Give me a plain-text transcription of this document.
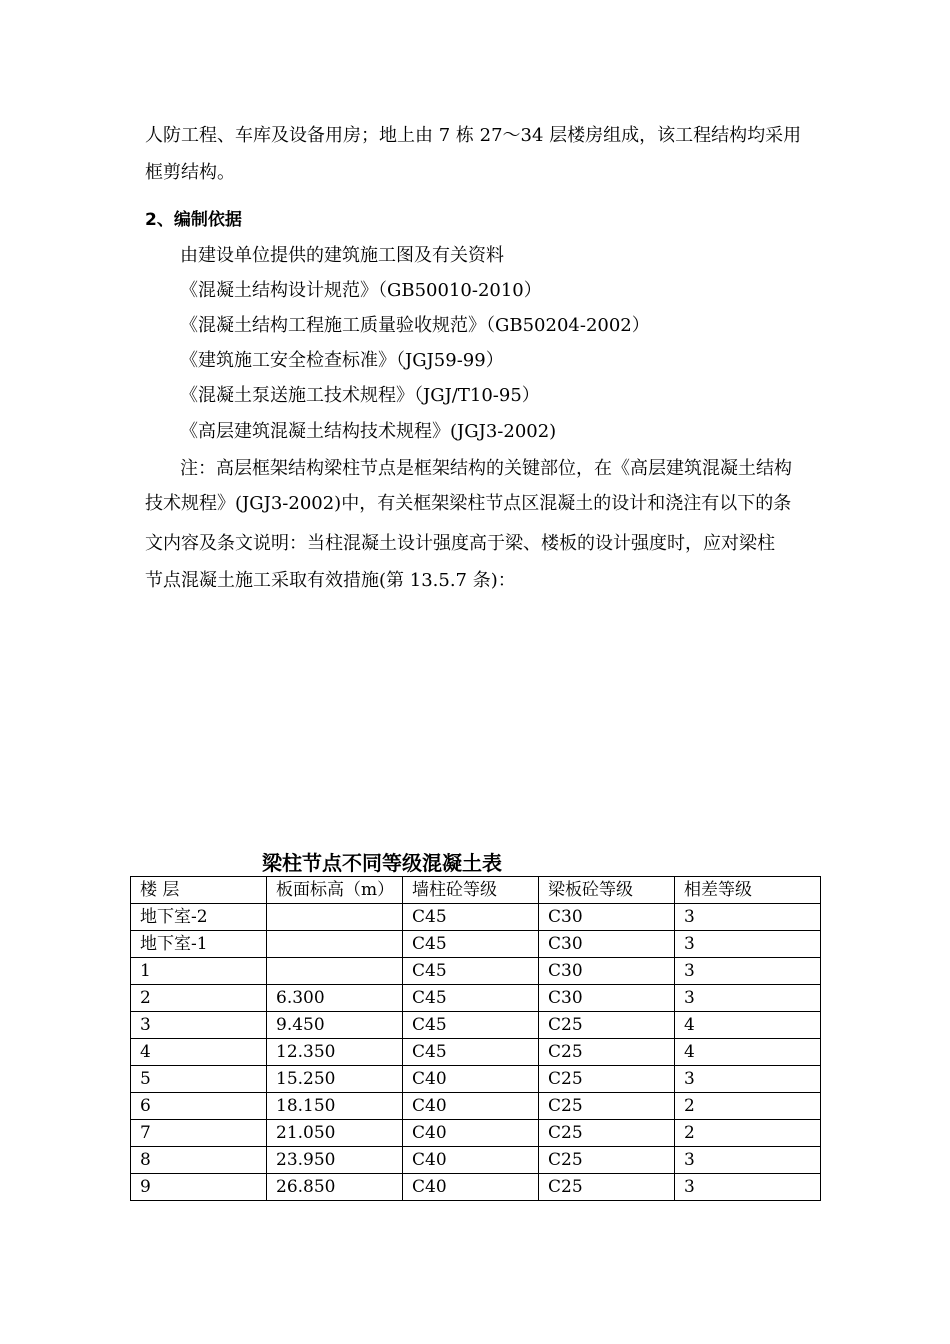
人防工程、车库及设备用房；地上由 7 栋 27～34 层楼房组成，该工程结构均采用
框剪结构。
2、编制依据
由建设单位提供的建筑施工图及有关资料
《混凝土结构设计规范》（GB50010-2010）
《混凝土结构工程施工质量验收规范》（GB50204-2002）
《建筑施工安全检查标准》（JGJ59-99）
《混凝土泵送施工技术规程》（JGJ/T10-95）
《高层建筑混凝土结构技术规程》(JGJ3-2002)
注：高层框架结构梁柱节点是框架结构的关键部位，在《高层建筑混凝土结构
技术规程》(JGJ3-2002)中，有关框架梁柱节点区混凝土的设计和浇注有以下的条
文内容及条文说明：当柱混凝土设计强度高于梁、楼板的设计强度时，应对梁柱
节点混凝土施工采取有效措施(第 13.5.7 条)：
梁柱节点不同等级混凝土表
楼 层	板面标高（m）	墙柱砼等级	梁板砼等级	相差等级
地下室-2		C45	C30	3
地下室-1		C45	C30	3
1		C45	C30	3
2	6.300	C45	C30	3
3	9.450	C45	C25	4
4	12.350	C45	C25	4
5	15.250	C40	C25	3
6	18.150	C40	C25	2
7	21.050	C40	C25	2
8	23.950	C40	C25	3
9	26.850	C40	C25	3
